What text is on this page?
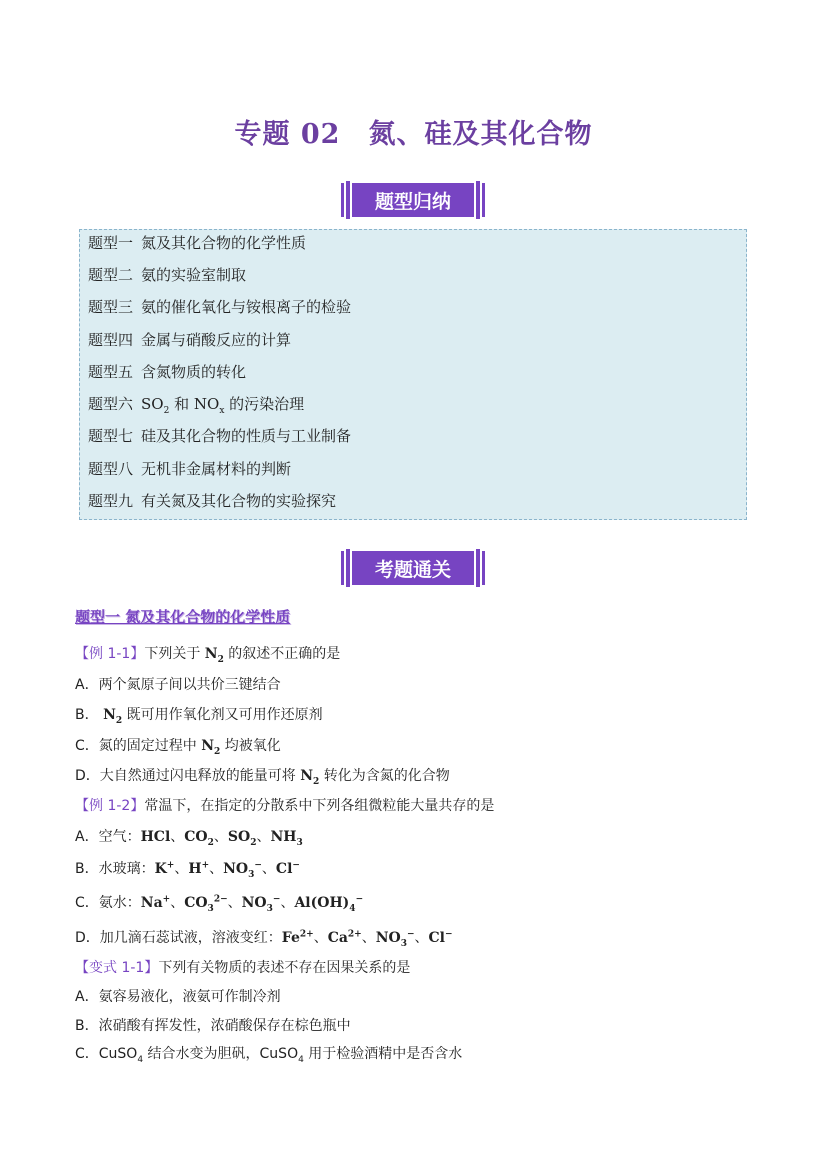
专题 02 氮、硅及其化合物
题型归纳
题型一 氮及其化合物的化学性质
题型二 氨的实验室制取
题型三 氨的催化氧化与铵根离子的检验
题型四 金属与硝酸反应的计算
题型五 含氮物质的转化
题型六 $SO_2$ 和 $NO_x$ 的污染治理
题型七 硅及其化合物的性质与工业制备
题型八 无机非金属材料的判断
题型九 有关氮及其化合物的实验探究
考题通关
题型一 氮及其化合物的化学性质
【例 1-1】下列关于 $N_2$ 的叙述不正确的是
A．两个氮原子间以共价三键结合
B． $N_2$ 既可用作氧化剂又可用作还原剂
C．氮的固定过程中 $N_2$ 均被氧化
D．大自然通过闪电释放的能量可将 $N_2$ 转化为含氮的化合物
【例 1-2】常温下，在指定的分散系中下列各组微粒能大量共存的是
A．空气：HCl、$CO_2$、$SO_2$、$NH_3$
B．水玻璃：K+、H+、$NO_3^-$、Cl−
C．氨水：Na+、$CO_3^{2-}$、$NO_3^-$、$Al(OH)_4^-$
D．加几滴石蕊试液，溶液变红：$Fe^{2+}$、$Ca^{2+}$、$NO_3^-$、Cl−
【变式 1-1】下列有关物质的表述不存在因果关系的是
A．氨容易液化，液氨可作制冷剂
B．浓硝酸有挥发性，浓硝酸保存在棕色瓶中
C．CuSO$_4$ 结合水变为胆矾，CuSO$_4$ 用于检验酒精中是否含水
